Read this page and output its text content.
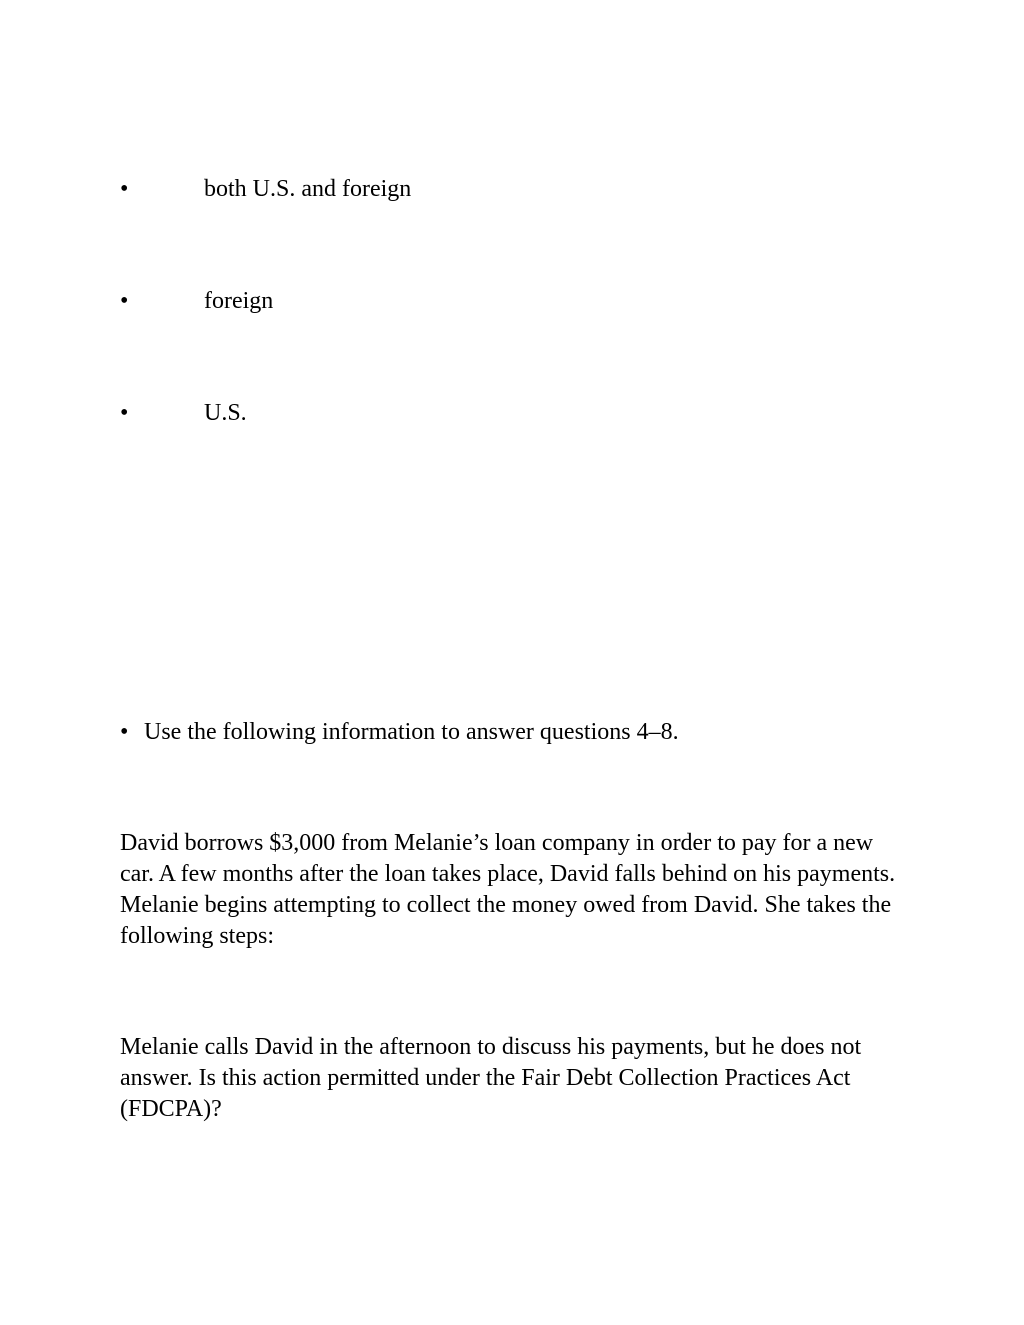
•	both U.S. and foreign
•	foreign
•	U.S.
• Use the following information to answer questions 4–8.

David borrows $3,000 from Melanie’s loan company in order to pay for a new car. A few months after the loan takes place, David falls behind on his payments. Melanie begins attempting to collect the money owed from David. She takes the following steps:

Melanie calls David in the afternoon to discuss his payments, but he does not answer. Is this action permitted under the Fair Debt Collection Practices Act (FDCPA)?
